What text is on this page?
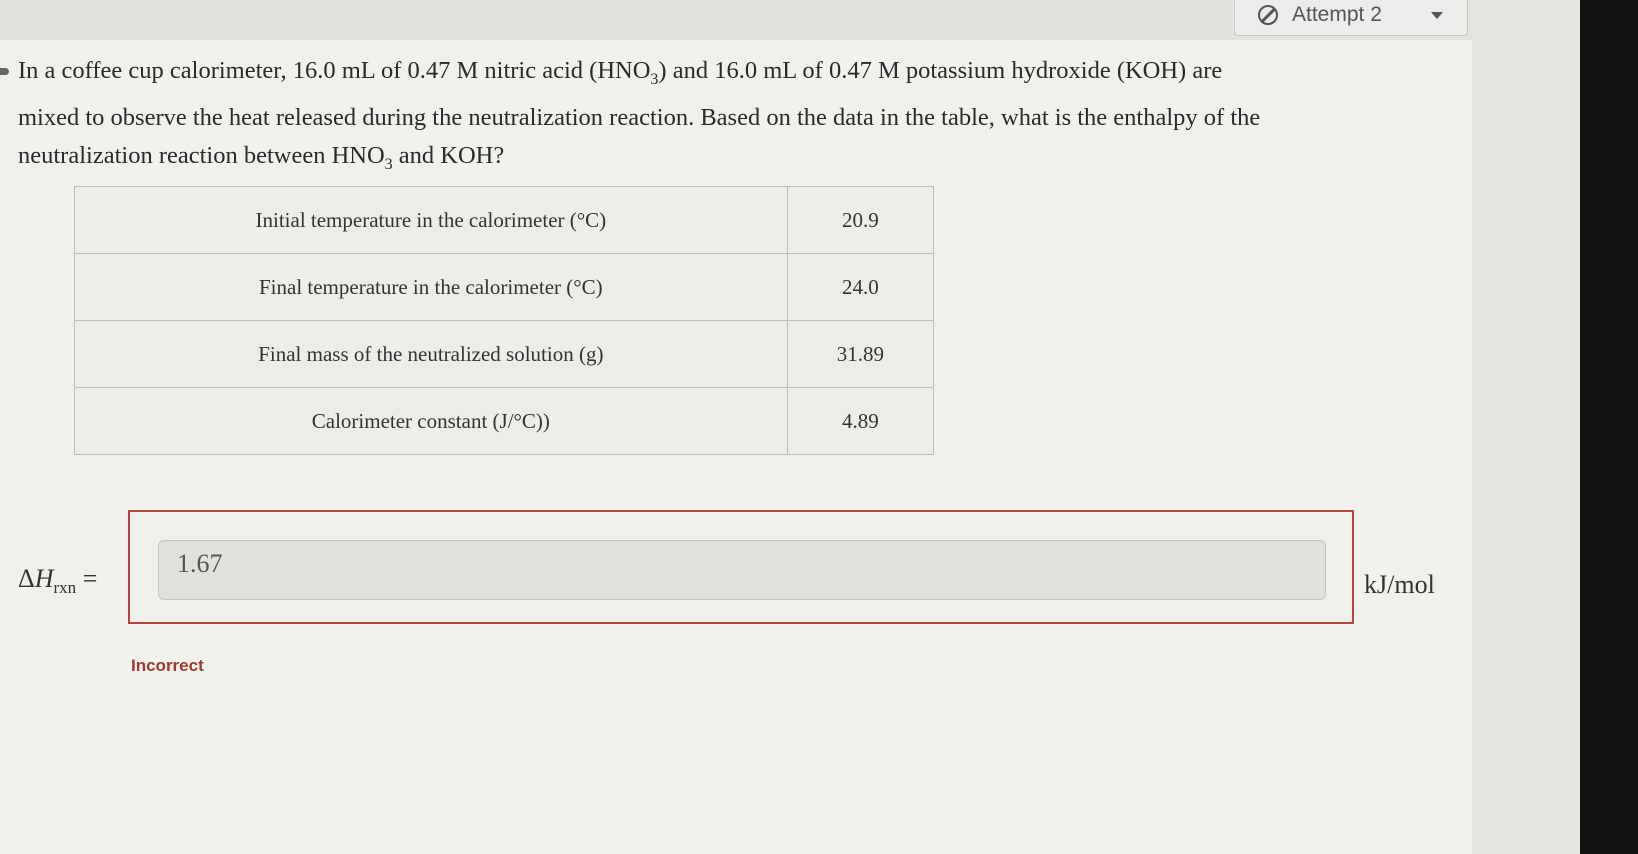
Attempt 2
In a coffee cup calorimeter, 16.0 mL of 0.47 M nitric acid $(HNO_3)$ and 16.0 mL of 0.47 M potassium hydroxide (KOH) are
mixed to observe the heat released during the neutralization reaction. Based on the data in the table, what is the enthalpy of the
neutralization reaction between $HNO_3$ and KOH?
Initial temperature in the calorimeter (°C)	20.9
Final temperature in the calorimeter (°C)	24.0
Final mass of the neutralized solution (g)	31.89
Calorimeter constant (J/°C))	4.89
$\Delta H_{rxn}$ =
1.67
kJ/mol
Incorrect
